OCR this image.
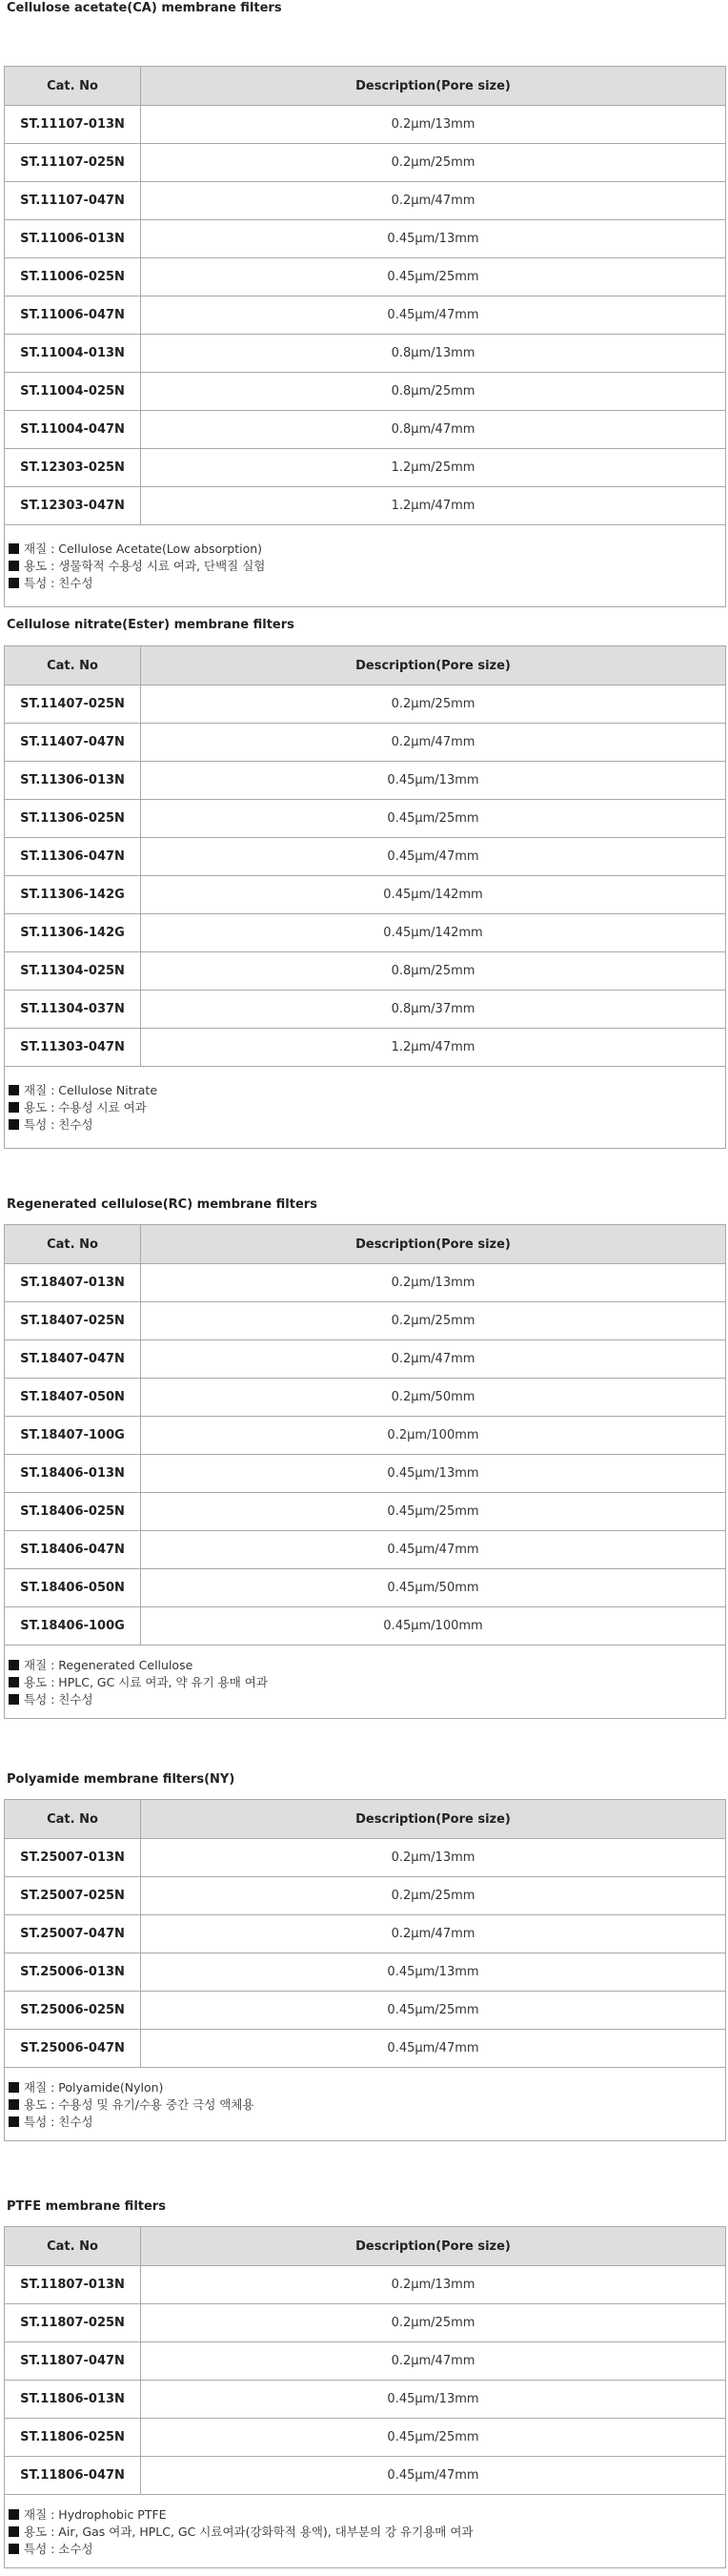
Cellulose acetate(CA) membrane filters
Cat. No	Description(Pore size)
ST.11107-013N	0.2μm/13mm
ST.11107-025N	0.2μm/25mm
ST.11107-047N	0.2μm/47mm
ST.11006-013N	0.45μm/13mm
ST.11006-025N	0.45μm/25mm
ST.11006-047N	0.45μm/47mm
ST.11004-013N	0.8μm/13mm
ST.11004-025N	0.8μm/25mm
ST.11004-047N	0.8μm/47mm
ST.12303-025N	1.2μm/25mm
ST.12303-047N	1.2μm/47mm

재질 : Cellulose Acetate(Low absorption)
용도 : 생물학적 수용성 시료 여과, 단백질 실험
특성 : 친수성	
Cellulose nitrate(Ester) membrane filters
Cat. No	Description(Pore size)
ST.11407-025N	0.2μm/25mm
ST.11407-047N	0.2μm/47mm
ST.11306-013N	0.45μm/13mm
ST.11306-025N	0.45μm/25mm
ST.11306-047N	0.45μm/47mm
ST.11306-142G	0.45μm/142mm
ST.11306-142G	0.45μm/142mm
ST.11304-025N	0.8μm/25mm
ST.11304-037N	0.8μm/37mm
ST.11303-047N	1.2μm/47mm

재질 : Cellulose Nitrate
용도 : 수용성 시료 여과
특성 : 친수성	
Regenerated cellulose(RC) membrane filters
Cat. No	Description(Pore size)
ST.18407-013N	0.2μm/13mm
ST.18407-025N	0.2μm/25mm
ST.18407-047N	0.2μm/47mm
ST.18407-050N	0.2μm/50mm
ST.18407-100G	0.2μm/100mm
ST.18406-013N	0.45μm/13mm
ST.18406-025N	0.45μm/25mm
ST.18406-047N	0.45μm/47mm
ST.18406-050N	0.45μm/50mm
ST.18406-100G	0.45μm/100mm

재질 : Regenerated Cellulose
용도 : HPLC, GC 시료 여과, 약 유기 용매 여과
특성 : 친수성	
Polyamide membrane filters(NY)
Cat. No	Description(Pore size)
ST.25007-013N	0.2μm/13mm
ST.25007-025N	0.2μm/25mm
ST.25007-047N	0.2μm/47mm
ST.25006-013N	0.45μm/13mm
ST.25006-025N	0.45μm/25mm
ST.25006-047N	0.45μm/47mm

재질 : Polyamide(Nylon)
용도 : 수용성 및 유기/수용 중간 극성 액체용
특성 : 친수성	
PTFE membrane filters
Cat. No	Description(Pore size)
ST.11807-013N	0.2μm/13mm
ST.11807-025N	0.2μm/25mm
ST.11807-047N	0.2μm/47mm
ST.11806-013N	0.45μm/13mm
ST.11806-025N	0.45μm/25mm
ST.11806-047N	0.45μm/47mm

재질 : Hydrophobic PTFE
용도 : Air, Gas 여과, HPLC, GC 시료여과(강화학적 용액), 대부분의 강 유기용매 여과
특성 : 소수성	
